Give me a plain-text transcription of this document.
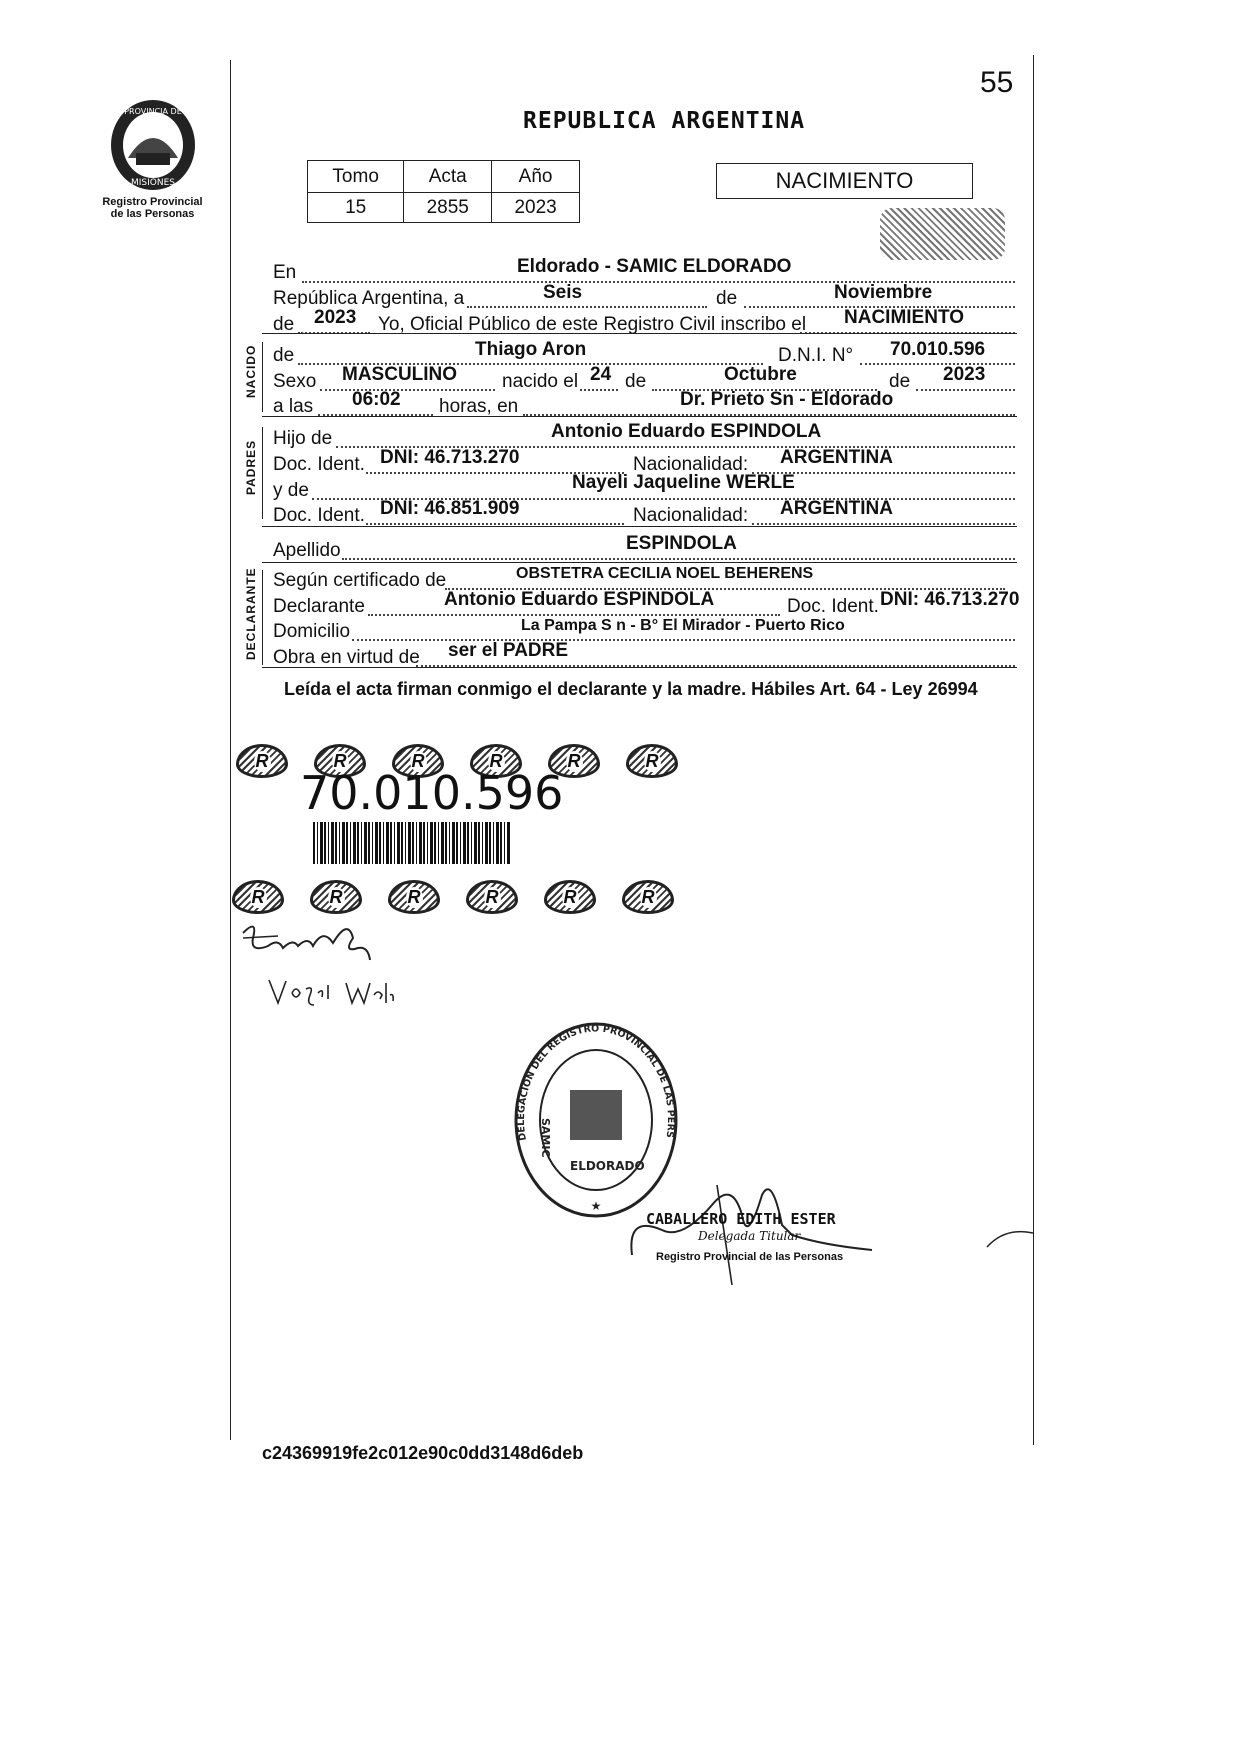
PROVINCIA DE
MISIONES
Registro Provincial
de las Personas
55
REPUBLICA ARGENTINA
Tomo	Acta	Año
15	2855	2023
NACIMIENTO
En	Eldorado - SAMIC ELDORADO
República Argentina, a	Seis	de	Noviembre
de 2023 Yo, Oficial Público de este Registro Civil inscribo el NACIMIENTO
NACIDO de	Thiago Aron	D.N.I. N° 70.010.596
Sexo MASCULINO nacido el 24 de	Octubre	de 2023
a las 06:02 horas, en	Dr. Prieto Sn - Eldorado
PADRES
Hijo de	Antonio Eduardo ESPINDOLA
Doc. Ident. DNI: 46.713.270	Nacionalidad: ARGENTINA
y de	Nayeli Jaqueline WERLE
Doc. Ident. DNI: 46.851.909	Nacionalidad: ARGENTINA
Apellido	ESPINDOLA
DECLARANTE Según certificado de	OBSTETRA CECILIA NOEL BEHERENS
Declarante	Antonio Eduardo ESPINDOLA	Doc. Ident. DNI: 46.713.270
Domicilio	La Pampa S n - B° El Mirador - Puerto Rico
Obra en virtud de ser el PADRE
Leída el acta firman conmigo el declarante y la madre. Hábiles Art. 64 - Ley 26994
R	R	R	R	R	R
70.010.596
R	R	R	R	R	R
SAMIC
ELDORADO
★
DELEGACIÓN DEL REGISTRO PROVINCIAL DE LAS PERS
CABALLERO EDITH ESTER
Delegada Titular
Registro Provincial de las Personas
c24369919fe2c012e90c0dd3148d6deb
